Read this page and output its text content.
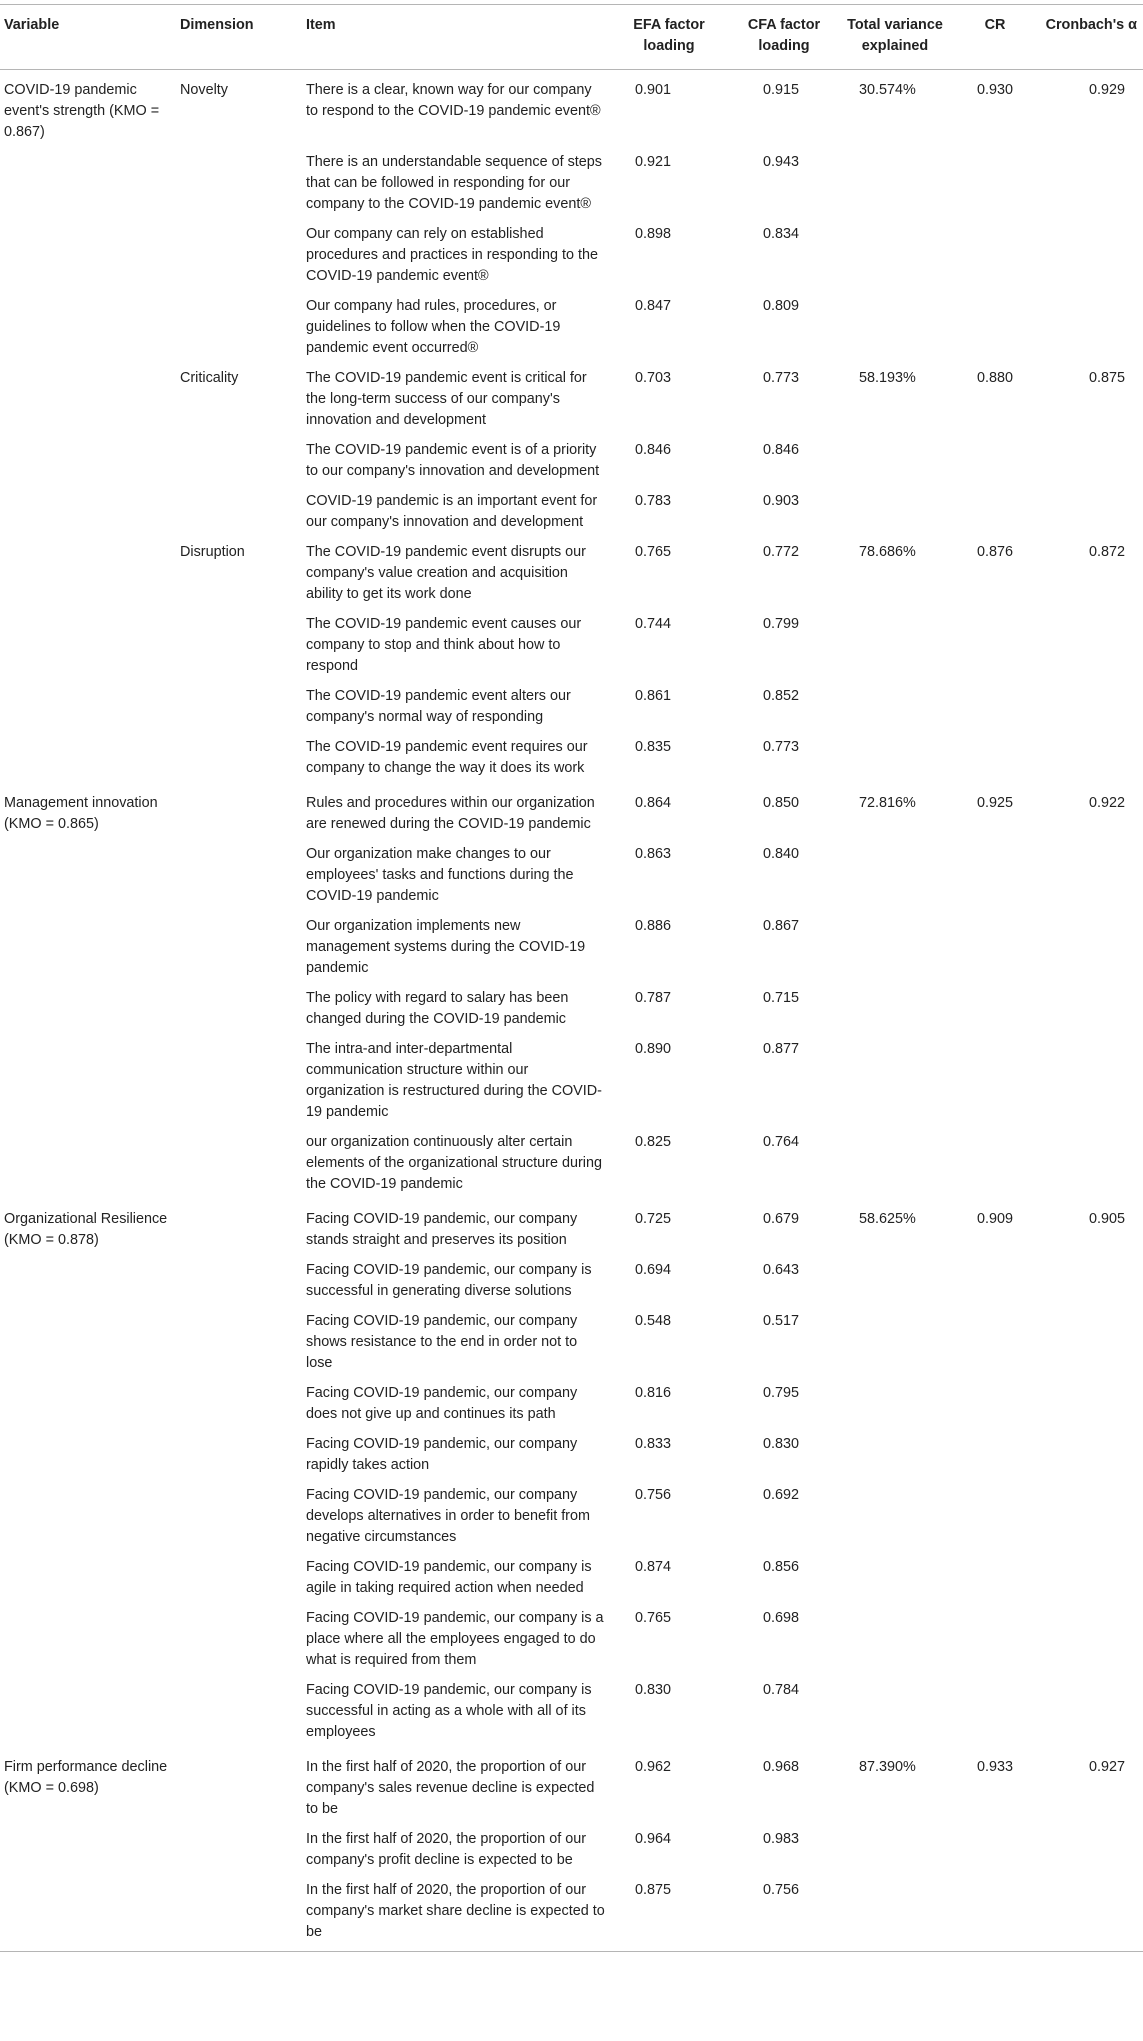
Variable	Dimension	Item	EFA factor loading	CFA factor loading	Total variance explained	CR	Cronbach's α
COVID-19 pandemic event's strength (KMO = 0.867)	Novelty	There is a clear, known way for our company to respond to the COVID-19 pandemic event®	0.901	0.915	30.574%	0.930	0.929
		There is an understandable sequence of steps that can be followed in responding for our company to the COVID-19 pandemic event®	0.921	0.943			
		Our company can rely on established procedures and practices in responding to the COVID-19 pandemic event®	0.898	0.834			
		Our company had rules, procedures, or guidelines to follow when the COVID-19 pandemic event occurred®	0.847	0.809			
	Criticality	The COVID-19 pandemic event is critical for the long-term success of our company's innovation and development	0.703	0.773	58.193%	0.880	0.875
		The COVID-19 pandemic event is of a priority to our company's innovation and development	0.846	0.846			
		COVID-19 pandemic is an important event for our company's innovation and development	0.783	0.903			
	Disruption	The COVID-19 pandemic event disrupts our company's value creation and acquisition ability to get its work done	0.765	0.772	78.686%	0.876	0.872
		The COVID-19 pandemic event causes our company to stop and think about how to respond	0.744	0.799			
		The COVID-19 pandemic event alters our company's normal way of responding	0.861	0.852			
		The COVID-19 pandemic event requires our company to change the way it does its work	0.835	0.773			
Management innovation (KMO = 0.865)		Rules and procedures within our organization are renewed during the COVID-19 pandemic	0.864	0.850	72.816%	0.925	0.922
		Our organization make changes to our employees' tasks and functions during the COVID-19 pandemic	0.863	0.840			
		Our organization implements new management systems during the COVID-19 pandemic	0.886	0.867			
		The policy with regard to salary has been changed during the COVID-19 pandemic	0.787	0.715			
		The intra-and inter-departmental communication structure within our organization is restructured during the COVID-19 pandemic	0.890	0.877			
		our organization continuously alter certain elements of the organizational structure during the COVID-19 pandemic	0.825	0.764			
Organizational Resilience (KMO = 0.878)		Facing COVID-19 pandemic, our company stands straight and preserves its position	0.725	0.679	58.625%	0.909	0.905
		Facing COVID-19 pandemic, our company is successful in generating diverse solutions	0.694	0.643			
		Facing COVID-19 pandemic, our company shows resistance to the end in order not to lose	0.548	0.517			
		Facing COVID-19 pandemic, our company does not give up and continues its path	0.816	0.795			
		Facing COVID-19 pandemic, our company rapidly takes action	0.833	0.830			
		Facing COVID-19 pandemic, our company develops alternatives in order to benefit from negative circumstances	0.756	0.692			
		Facing COVID-19 pandemic, our company is agile in taking required action when needed	0.874	0.856			
		Facing COVID-19 pandemic, our company is a place where all the employees engaged to do what is required from them	0.765	0.698			
		Facing COVID-19 pandemic, our company is successful in acting as a whole with all of its employees	0.830	0.784			
Firm performance decline (KMO = 0.698)		In the first half of 2020, the proportion of our company's sales revenue decline is expected to be	0.962	0.968	87.390%	0.933	0.927
		In the first half of 2020, the proportion of our company's profit decline is expected to be	0.964	0.983			
		In the first half of 2020, the proportion of our company's market share decline is expected to be	0.875	0.756			
